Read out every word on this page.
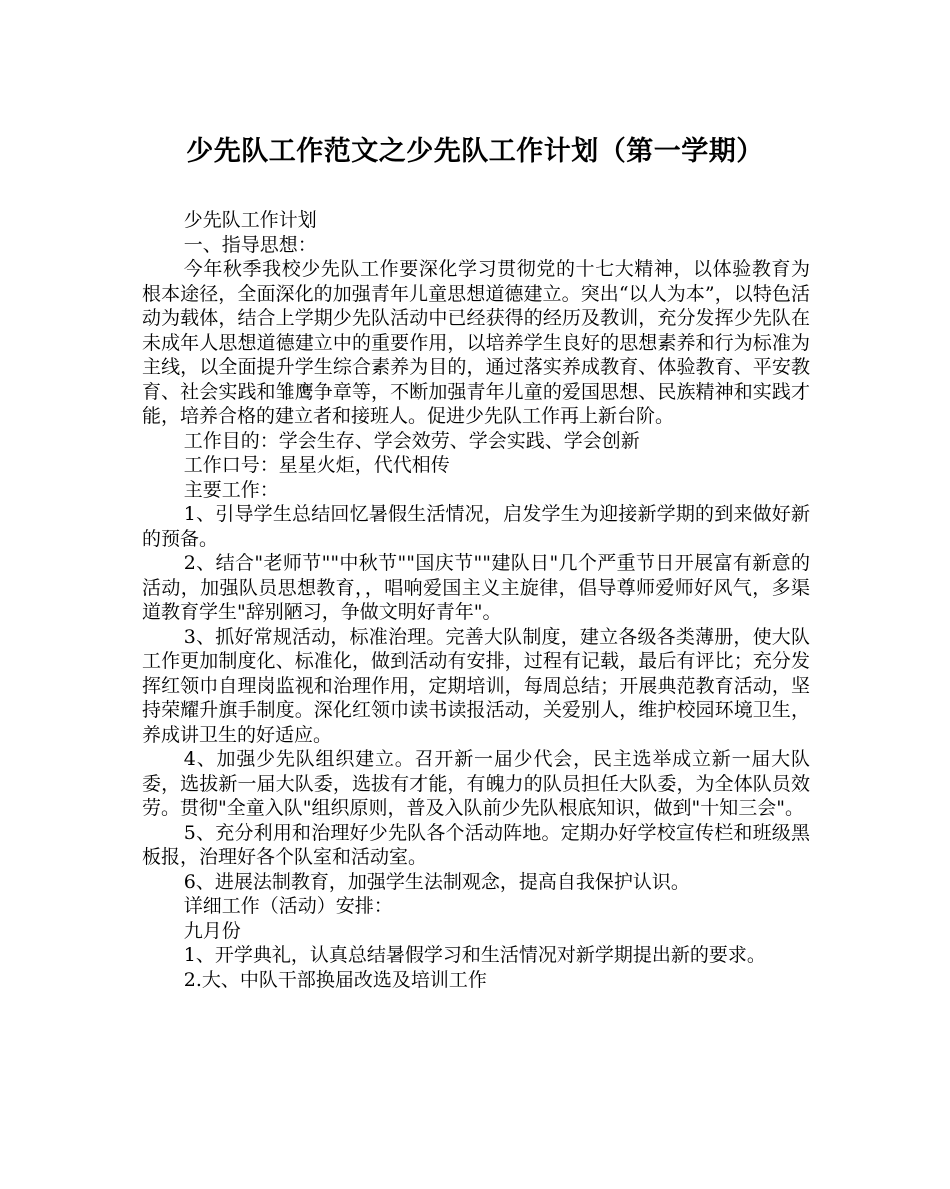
少先队工作范文之少先队工作计划（第一学期）

少先队工作计划

一、指导思想：

今年秋季我校少先队工作要深化学习贯彻党的十七大精神，以体验教育为根本途径，全面深化的加强青年儿童思想道德建立。突出“以人为本”，以特色活动为载体，结合上学期少先队活动中已经获得的经历及教训，充分发挥少先队在未成年人思想道德建立中的重要作用，以培养学生良好的思想素养和行为标准为主线，以全面提升学生综合素养为目的，通过落实养成教育、体验教育、平安教育、社会实践和雏鹰争章等，不断加强青年儿童的爱国思想、民族精神和实践才能，培养合格的建立者和接班人。促进少先队工作再上新台阶。

工作目的：学会生存、学会效劳、学会实践、学会创新

工作口号：星星火炬，代代相传

主要工作：

1、引导学生总结回忆暑假生活情况，启发学生为迎接新学期的到来做好新的预备。

2、结合"老师节""中秋节""国庆节""建队日"几个严重节日开展富有新意的活动，加强队员思想教育，，唱响爱国主义主旋律，倡导尊师爱师好风气，多渠道教育学生"辞别陋习，争做文明好青年"。

3、抓好常规活动，标准治理。完善大队制度，建立各级各类薄册，使大队工作更加制度化、标准化，做到活动有安排，过程有记载，最后有评比；充分发挥红领巾自理岗监视和治理作用，定期培训，每周总结；开展典范教育活动，坚持荣耀升旗手制度。深化红领巾读书读报活动，关爱别人，维护校园环境卫生，养成讲卫生的好适应。

4、加强少先队组织建立。召开新一届少代会，民主选举成立新一届大队委，选拔新一届大队委，选拔有才能，有魄力的队员担任大队委，为全体队员效劳。贯彻"全童入队"组织原则，普及入队前少先队根底知识，做到"十知三会"。

5、充分利用和治理好少先队各个活动阵地。定期办好学校宣传栏和班级黑板报，治理好各个队室和活动室。

6、进展法制教育，加强学生法制观念，提高自我保护认识。

详细工作（活动）安排：

九月份

1、开学典礼，认真总结暑假学习和生活情况对新学期提出新的要求。

2.大、中队干部换届改选及培训工作
